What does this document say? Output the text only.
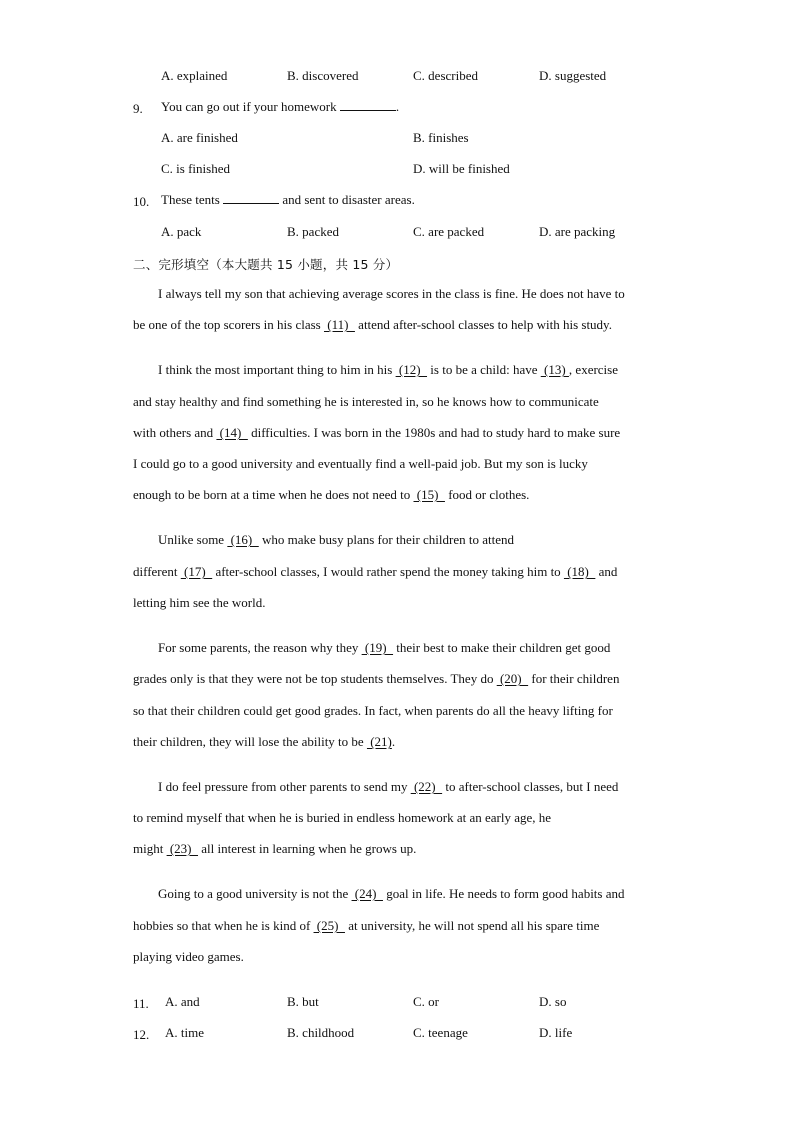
A. explained	B. discovered	C. described	D. suggested
9. You can go out if your homework	.
A. are finished	B. finishes
C. is finished	D. will be finished
10. These tents	and sent to disaster areas.
A. pack	B. packed	C. are packed	D. are packing
二、完形填空（本大题共 15 小题，共 15 分）
I always tell my son that achieving average scores in the class is fine. He does not have to
be one of the top scorers in his class  (11)   attend after-school classes to help with his study.
I think the most important thing to him in his  (12)   is to be a child: have  (13) , exercise
and stay healthy and find something he is interested in, so he knows how to communicate
with others and  (14)   difficulties. I was born in the 1980s and had to study hard to make sure
I could go to a good university and eventually find a well-paid job. But my son is lucky
enough to be born at a time when he does not need to  (15)   food or clothes.
Unlike some  (16)   who make busy plans for their children to attend
different  (17)   after-school classes, I would rather spend the money taking him to  (18)   and
letting him see the world.
For some parents, the reason why they  (19)   their best to make their children get good
grades only is that they were not be top students themselves. They do  (20)   for their children
so that their children could get good grades. In fact, when parents do all the heavy lifting for
their children, they will lose the ability to be  (21).
I do feel pressure from other parents to send my  (22)   to after-school classes, but I need
to remind myself that when he is buried in endless homework at an early age, he
might  (23)   all interest in learning when he grows up.
Going to a good university is not the  (24)   goal in life. He needs to form good habits and
hobbies so that when he is kind of  (25)   at university, he will not spend all his spare time
playing video games.
11. A. and	B. but	C. or	D. so
12. A. time	B. childhood	C. teenage	D. life
